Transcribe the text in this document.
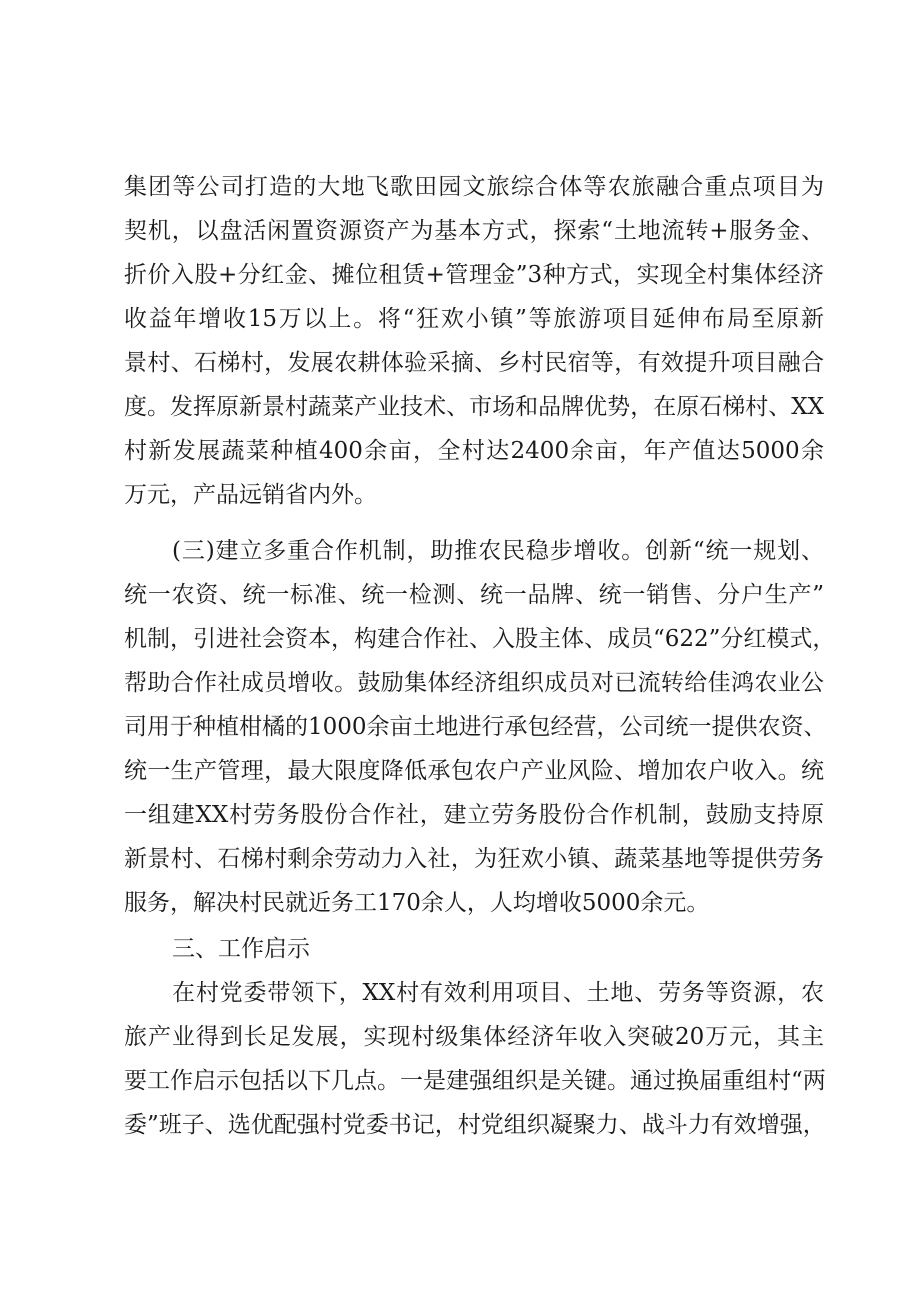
集团等公司打造的大地飞歌田园文旅综合体等农旅融合重点项目为
契机，以盘活闲置资源资产为基本方式，探索“土地流转+服务金、
折价入股+分红金、摊位租赁+管理金”3种方式，实现全村集体经济
收益年增收15万以上。将“狂欢小镇”等旅游项目延伸布局至原新
景村、石梯村，发展农耕体验采摘、乡村民宿等，有效提升项目融合
度。发挥原新景村蔬菜产业技术、市场和品牌优势，在原石梯村、XX
村新发展蔬菜种植400余亩，全村达2400余亩，年产值达5000余
万元，产品远销省内外。
(三)建立多重合作机制，助推农民稳步增收。创新“统一规划、
统一农资、统一标准、统一检测、统一品牌、统一销售、分户生产”
机制，引进社会资本，构建合作社、入股主体、成员“622”分红模式，
帮助合作社成员增收。鼓励集体经济组织成员对已流转给佳鸿农业公
司用于种植柑橘的1000余亩土地进行承包经营，公司统一提供农资、
统一生产管理，最大限度降低承包农户产业风险、增加农户收入。统
一组建XX村劳务股份合作社，建立劳务股份合作机制，鼓励支持原
新景村、石梯村剩余劳动力入社，为狂欢小镇、蔬菜基地等提供劳务
服务，解决村民就近务工170余人，人均增收5000余元。
三、工作启示
在村党委带领下，XX村有效利用项目、土地、劳务等资源，农
旅产业得到长足发展，实现村级集体经济年收入突破20万元，其主
要工作启示包括以下几点。一是建强组织是关键。通过换届重组村“两
委”班子、选优配强村党委书记，村党组织凝聚力、战斗力有效增强，
